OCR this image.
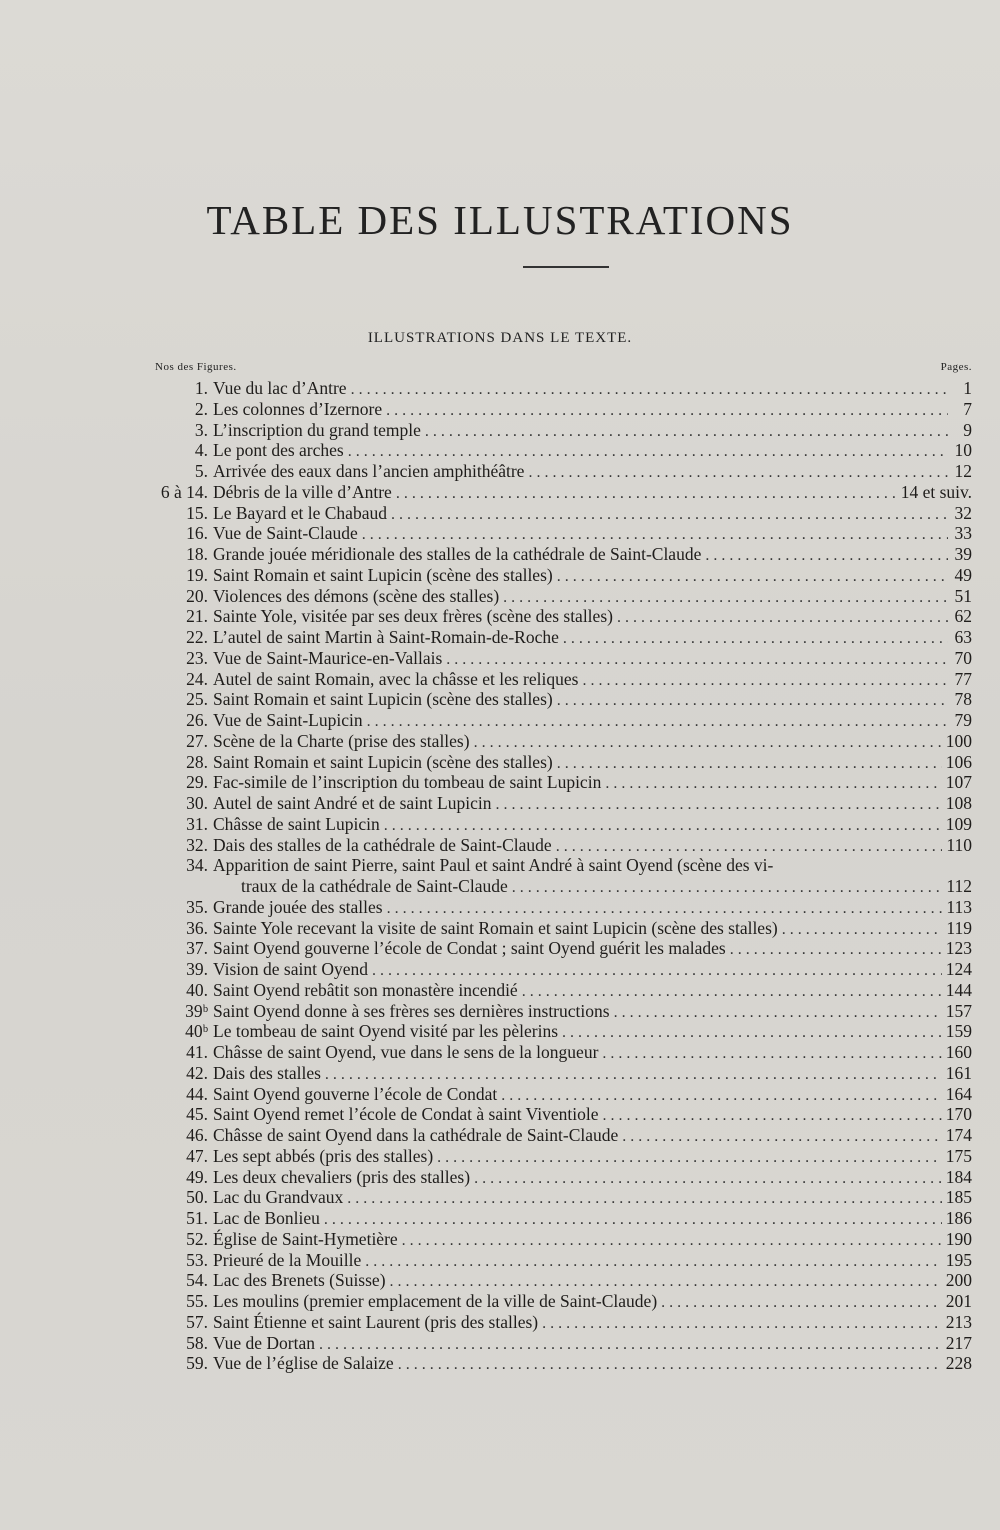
TABLE DES ILLUSTRATIONS
ILLUSTRATIONS DANS LE TEXTE.
Nos des Figures.	Pages.
1. Vue du lac d’Antre . . .	1
2. Les colonnes d’Izernore . . .	7
3. L’inscription du grand temple . . .	9
4. Le pont des arches . . .	10
5. Arrivée des eaux dans l’ancien amphithéâtre . . .	12
6 à 14. Débris de la ville d’Antre . . .	14 et suiv.
15. Le Bayard et le Chabaud . . .	32
16. Vue de Saint-Claude . . .	33
18. Grande jouée méridionale des stalles de la cathédrale de Saint-Claude . . .	39
19. Saint Romain et saint Lupicin (scène des stalles) . . .	49
20. Violences des démons (scène des stalles) . . .	51
21. Sainte Yole, visitée par ses deux frères (scène des stalles) . . .	62
22. L’autel de saint Martin à Saint-Romain-de-Roche . . .	63
23. Vue de Saint-Maurice-en-Vallais . . .	70
24. Autel de saint Romain, avec la châsse et les reliques . . .	77
25. Saint Romain et saint Lupicin (scène des stalles) . . .	78
26. Vue de Saint-Lupicin . . .	79
27. Scène de la Charte (prise des stalles) . . .	100
28. Saint Romain et saint Lupicin (scène des stalles) . . .	106
29. Fac-simile de l’inscription du tombeau de saint Lupicin . . .	107
30. Autel de saint André et de saint Lupicin . . .	108
31. Châsse de saint Lupicin . . .	109
32. Dais des stalles de la cathédrale de Saint-Claude . . .	110
34. Apparition de saint Pierre, saint Paul et saint André à saint Oyend (scène des vi-
traux de la cathédrale de Saint-Claude . . .	112
35. Grande jouée des stalles . . .	113
36. Sainte Yole recevant la visite de saint Romain et saint Lupicin (scène des stalles) . . .	119
37. Saint Oyend gouverne l’école de Condat ; saint Oyend guérit les malades . . .	123
39. Vision de saint Oyend . . .	124
40. Saint Oyend rebâtit son monastère incendié . . .	144
39ᵇ Saint Oyend donne à ses frères ses dernières instructions . . .	157
40ᵇ Le tombeau de saint Oyend visité par les pèlerins . . .	159
41. Châsse de saint Oyend, vue dans le sens de la longueur . . .	160
42. Dais des stalles . . .	161
44. Saint Oyend gouverne l’école de Condat . . .	164
45. Saint Oyend remet l’école de Condat à saint Viventiole . . .	170
46. Châsse de saint Oyend dans la cathédrale de Saint-Claude . . .	174
47. Les sept abbés (pris des stalles) . . .	175
49. Les deux chevaliers (pris des stalles) . . .	184
50. Lac du Grandvaux . . .	185
51. Lac de Bonlieu . . .	186
52. Église de Saint-Hymetière . . .	190
53. Prieuré de la Mouille . . .	195
54. Lac des Brenets (Suisse) . . .	200
55. Les moulins (premier emplacement de la ville de Saint-Claude) . . .	201
57. Saint Étienne et saint Laurent (pris des stalles) . . .	213
58. Vue de Dortan . . .	217
59. Vue de l’église de Salaize . . .	228
